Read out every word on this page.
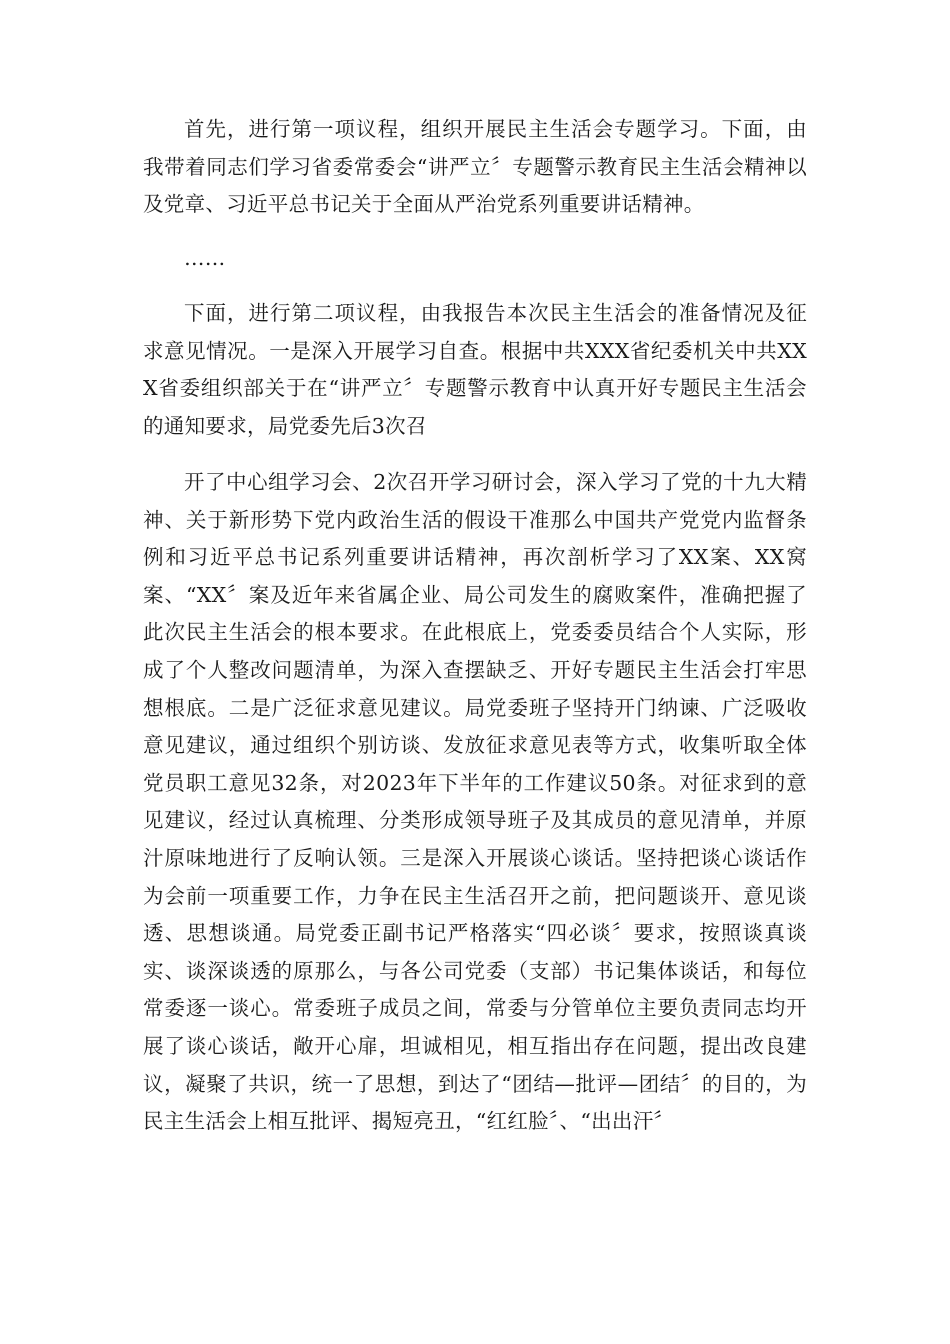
首先，进行第一项议程，组织开展民主生活会专题学习。下面，由我带着同志们学习省委常委会“讲严立〞专题警示教育民主生活会精神以及党章、习近平总书记关于全面从严治党系列重要讲话精神。

……

下面，进行第二项议程，由我报告本次民主生活会的准备情况及征求意见情况。一是深入开展学习自查。根据中共XXX省纪委机关中共XXX省委组织部关于在“讲严立〞专题警示教育中认真开好专题民主生活会的通知要求，局党委先后3次召

开了中心组学习会、2次召开学习研讨会，深入学习了党的十九大精神、关于新形势下党内政治生活的假设干准那么中国共产党党内监督条例和习近平总书记系列重要讲话精神，再次剖析学习了XX案、XX窝案、“XX〞案及近年来省属企业、局公司发生的腐败案件，准确把握了此次民主生活会的根本要求。在此根底上，党委委员结合个人实际，形成了个人整改问题清单，为深入查摆缺乏、开好专题民主生活会打牢思想根底。二是广泛征求意见建议。局党委班子坚持开门纳谏、广泛吸收意见建议，通过组织个别访谈、发放征求意见表等方式，收集听取全体党员职工意见32条，对2023年下半年的工作建议50条。对征求到的意见建议，经过认真梳理、分类形成领导班子及其成员的意见清单，并原汁原味地进行了反响认领。三是深入开展谈心谈话。坚持把谈心谈话作为会前一项重要工作，力争在民主生活召开之前，把问题谈开、意见谈透、思想谈通。局党委正副书记严格落实“四必谈〞要求，按照谈真谈实、谈深谈透的原那么，与各公司党委（支部）书记集体谈话，和每位常委逐一谈心。常委班子成员之间，常委与分管单位主要负责同志均开展了谈心谈话，敞开心扉，坦诚相见，相互指出存在问题，提出改良建议，凝聚了共识，统一了思想，到达了“团结—批评—团结〞的目的，为民主生活会上相互批评、揭短亮丑，“红红脸〞、“出出汗〞
